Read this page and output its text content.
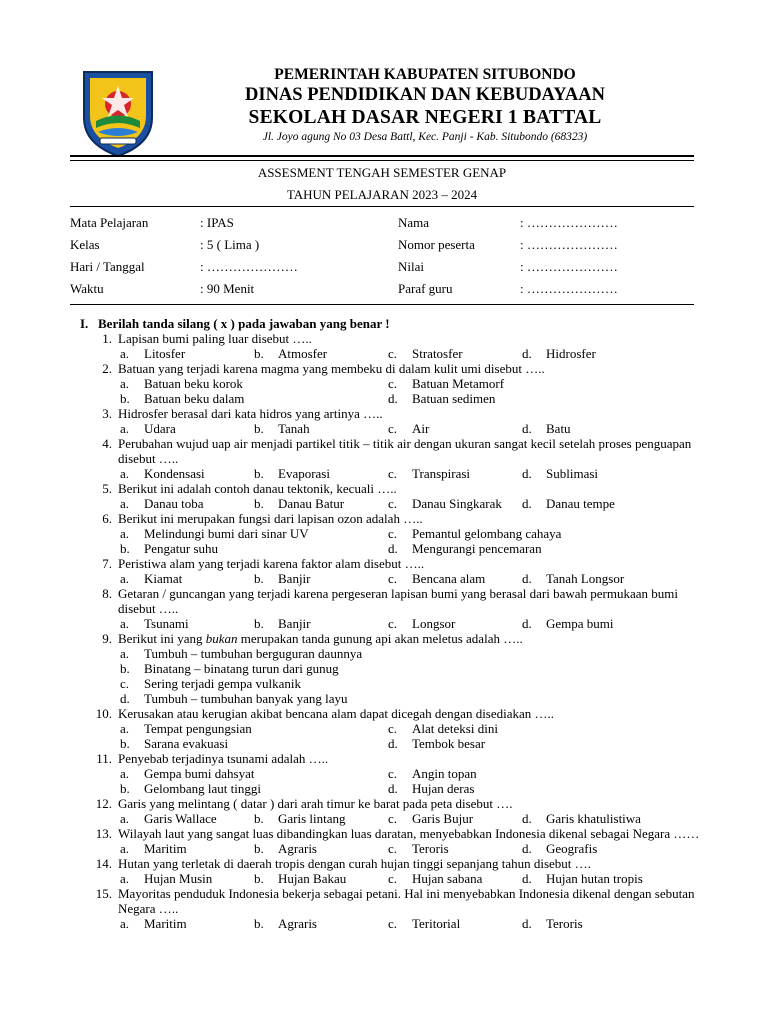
PEMERINTAH KABUPATEN SITUBONDO
DINAS PENDIDIKAN DAN KEBUDAYAAN
SEKOLAH DASAR NEGERI 1 BATTAL
Jl. Joyo agung No 03 Desa Battl, Kec. Panji - Kab. Situbondo (68323)
ASSESMENT TENGAH SEMESTER GENAP
TAHUN PELAJARAN 2023 – 2024
Mata Pelajaran	: IPAS
Kelas	: 5 ( Lima )
Hari / Tanggal	: …………………
Waktu	: 90 Menit
Nama	: …………………
Nomor peserta	: …………………
Nilai	: …………………
Paraf guru	: …………………
I. Berilah tanda silang ( x ) pada jawaban yang benar !
1. Lapisan bumi paling luar disebut …..
a.	Litosfer	b.	Atmosfer	c.	Stratosfer	d.	Hidrosfer
2. Batuan yang terjadi karena magma yang membeku di dalam kulit umi disebut …..
a.	Batuan beku korok	c.	Batuan Metamorf
b.	Batuan beku dalam	d.	Batuan sedimen
3. Hidrosfer berasal dari kata hidros yang artinya …..
a.	Udara	b.	Tanah	c.	Air	d.	Batu
4. Perubahan wujud uap air menjadi partikel titik – titik air dengan ukuran sangat kecil setelah proses penguapan disebut …..
a.	Kondensasi	b.	Evaporasi	c.	Transpirasi	d.	Sublimasi
5. Berikut ini adalah contoh danau tektonik, kecuali …..
a.	Danau toba	b.	Danau Batur	c.	Danau Singkarak d.	Danau tempe
6. Berikut ini merupakan fungsi dari lapisan ozon adalah …..
a.	Melindungi bumi dari sinar UV	c.	Pemantul gelombang cahaya
b.	Pengatur suhu	d.	Mengurangi pencemaran
7. Peristiwa alam yang terjadi karena faktor alam disebut …..
a.	Kiamat	b.	Banjir	c.	Bencana alam	d.	Tanah Longsor
8. Getaran / guncangan yang terjadi karena pergeseran lapisan bumi yang berasal dari bawah permukaan bumi disebut …..
a.	Tsunami	b.	Banjir	c.	Longsor	d.	Gempa bumi
9. Berikut ini yang bukan merupakan tanda gunung api akan meletus adalah …..
a.	Tumbuh – tumbuhan berguguran daunnya
b.	Binatang – binatang turun dari gunug
c.	Sering terjadi gempa vulkanik
d.	Tumbuh – tumbuhan banyak yang layu
10. Kerusakan atau kerugian akibat bencana alam dapat dicegah dengan disediakan …..
a.	Tempat pengungsian	c.	Alat deteksi dini
b.	Sarana evakuasi	d.	Tembok besar
11. Penyebab terjadinya tsunami adalah …..
a.	Gempa bumi dahsyat	c.	Angin topan
b.	Gelombang laut tinggi	d.	Hujan deras
12. Garis yang melintang ( datar ) dari arah timur ke barat pada peta disebut ….
a.	Garis Wallace	b.	Garis lintang	c.	Garis Bujur	d.	Garis khatulistiwa
13. Wilayah laut yang sangat luas dibandingkan luas daratan, menyebabkan Indonesia dikenal sebagai Negara ……
a.	Maritim	b.	Agraris	c.	Teroris	d.	Geografis
14. Hutan yang terletak di daerah tropis dengan curah hujan tinggi sepanjang tahun disebut ….
a.	Hujan Musin	b.	Hujan Bakau	c.	Hujan sabana	d.	Hujan hutan tropis
15. Mayoritas penduduk Indonesia bekerja sebagai petani. Hal ini menyebabkan Indonesia dikenal dengan sebutan Negara …..
a.	Maritim	b.	Agraris	c.	Teritorial	d.	Teroris
